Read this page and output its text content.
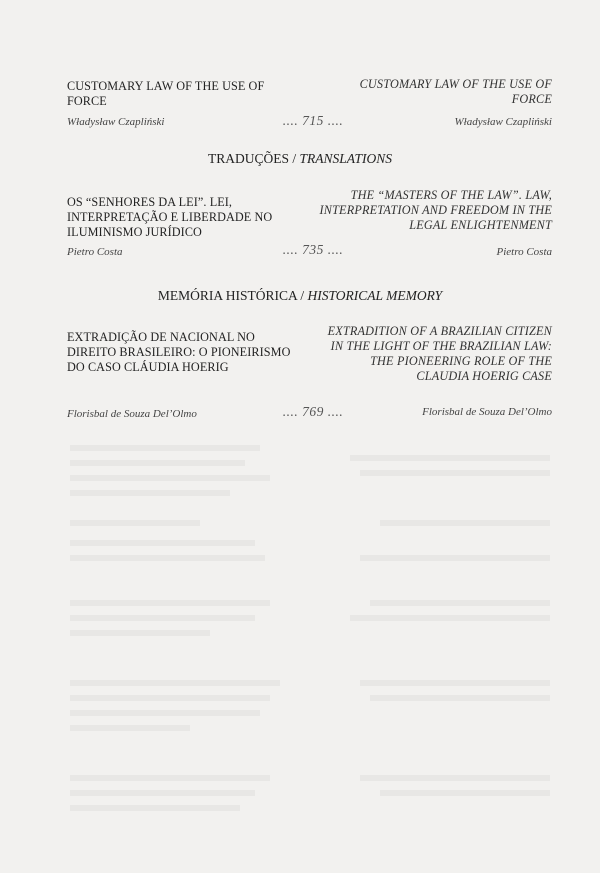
CUSTOMARY LAW OF THE USE OF FORCE
CUSTOMARY LAW OF THE USE OF FORCE
Władysław Czapliński	.... 715 ....	Władysław Czapliński
TRADUÇÕES / TRANSLATIONS
OS “SENHORES DA LEI”. LEI, INTERPRETAÇÃO E LIBERDADE NO ILUMINISMO JURÍDICO
THE “MASTERS OF THE LAW”. LAW, INTERPRETATION AND FREEDOM IN THE LEGAL ENLIGHTENMENT
Pietro Costa	.... 735 ....	Pietro Costa
MEMÓRIA HISTÓRICA / HISTORICAL MEMORY
EXTRADIÇÃO DE NACIONAL NO DIREITO BRASILEIRO: O PIONEIRISMO DO CASO CLÁUDIA HOERIG
EXTRADITION OF A BRAZILIAN CITIZEN IN THE LIGHT OF THE BRAZILIAN LAW: THE PIONEERING ROLE OF THE CLAUDIA HOERIG CASE
Florisbal de Souza Del’Olmo	.... 769 ....	Florisbal de Souza Del’Olmo
